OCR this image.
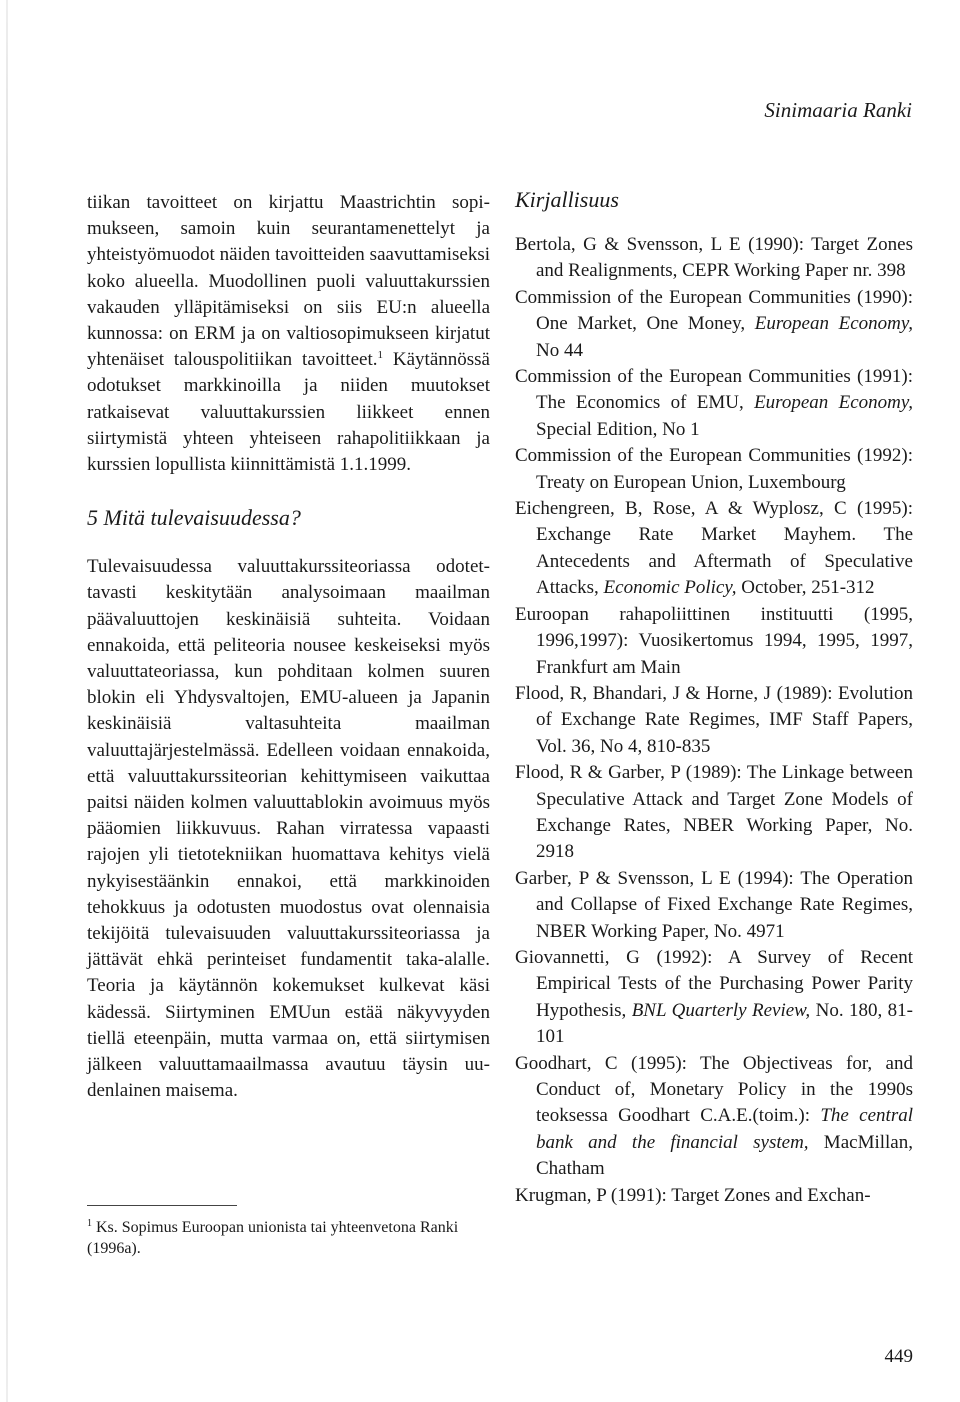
Sinimaaria Ranki

tiikan tavoitteet on kirjattu Maastrichtin sopimukseen, samoin kuin seurantamenettelyt ja yhteistyömuodot näiden tavoitteiden saavuttamiseksi koko alueella. Muodollinen puoli valuuttakurssien vakauden ylläpitämiseksi on siis EU:n alueella kunnossa: on ERM ja on valtiosopimukseen kirjatut yhtenäiset talouspolitiikan tavoitteet.$^1$ Käytännössä odotukset markkinoilla ja niiden muutokset ratkaisevat valuuttakurssien liikkeet ennen siirtymistä yhteen yhteiseen rahapolitiikkaan ja kurssien lopullista kiinnittämistä 1.1.1999.

5 Mitä tulevaisuudessa?

Tulevaisuudessa valuuttakurssiteoriassa odotettavasti keskitytään analysoimaan maailman päävaluuttojen keskinäisiä suhteita. Voidaan ennakoida, että peliteoria nousee keskeiseksi myös valuuttateoriassa, kun pohditaan kolmen suuren blokin eli Yhdysvaltojen, EMU-alueen ja Japanin keskinäisiä valtasuhteita maailman valuuttajärjestelmässä. Edelleen voidaan ennakoida, että valuuttakurssiteorian kehittymiseen vaikuttaa paitsi näiden kolmen valuuttablokin avoimuus myös pääomien liikkuvuus. Rahan virratessa vapaasti rajojen yli tietotekniikan huomattava kehitys vielä nykyisestäänkin ennakoi, että markkinoiden tehokkuus ja odotusten muodostus ovat olennaisia tekijöitä tulevaisuuden valuuttakurssiteoriassa ja jättävät ehkä perinteiset fundamentit taka-alalle. Teoria ja käytännön kokemukset kulkevat käsi kädessä. Siirtyminen EMUun estää näkyvyyden tiellä eteenpäin, mutta varmaa on, että siirtymisen jälkeen valuuttamaailmassa avautuu täysin uudenlainen maisema.

$^1$ Ks. Sopimus Euroopan unionista tai yhteenvetona Ranki (1996a).
Kirjallisuus
Bertola, G & Svensson, L E (1990): Target Zones and Realignments, CEPR Working Paper nr. 398
Commission of the European Communities (1990): One Market, One Money, European Economy, No 44
Commission of the European Communities (1991): The Economics of EMU, European Economy, Special Edition, No 1
Commission of the European Communities (1992): Treaty on European Union, Luxembourg
Eichengreen, B, Rose, A & Wyplosz, C (1995): Exchange Rate Market Mayhem. The Antecedents and Aftermath of Speculative Attacks, Economic Policy, October, 251-312
Euroopan rahapoliittinen instituutti (1995, 1996,1997): Vuosikertomus 1994, 1995, 1997, Frankfurt am Main
Flood, R, Bhandari, J & Horne, J (1989): Evolution of Exchange Rate Regimes, IMF Staff Papers, Vol. 36, No 4, 810-835
Flood, R & Garber, P (1989): The Linkage between Speculative Attack and Target Zone Models of Exchange Rates, NBER Working Paper, No. 2918
Garber, P & Svensson, L E (1994): The Operation and Collapse of Fixed Exchange Rate Regimes, NBER Working Paper, No. 4971
Giovannetti, G (1992): A Survey of Recent Empirical Tests of the Purchasing Power Parity Hypothesis, BNL Quarterly Review, No. 180, 81-101
Goodhart, C (1995): The Objectiveas for, and Conduct of, Monetary Policy in the 1990s teoksessa Goodhart C.A.E.(toim.): The central bank and the financial system, MacMillan, Chatham
Krugman, P (1991): Target Zones and Exchan-
449
